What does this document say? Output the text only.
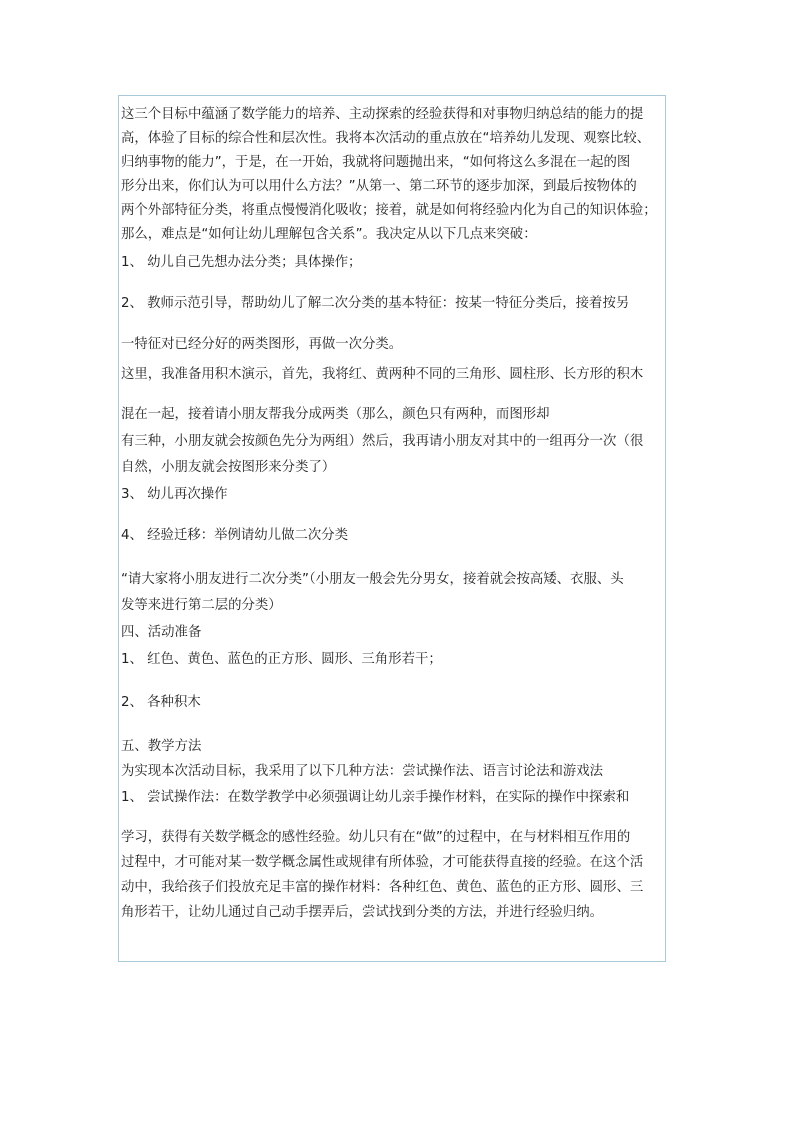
这三个目标中蕴涵了数学能力的培养、主动探索的经验获得和对事物归纳总结的能力的提
高，体验了目标的综合性和层次性。我将本次活动的重点放在“培养幼儿发现、观察比较、
归纳事物的能力”，于是，在一开始，我就将问题抛出来，“如何将这么多混在一起的图
形分出来，你们认为可以用什么方法？”从第一、第二环节的逐步加深，到最后按物体的
两个外部特征分类，将重点慢慢消化吸收；接着，就是如何将经验内化为自己的知识体验；
那么，难点是“如何让幼儿理解包含关系”。我决定从以下几点来突破：
1、 幼儿自己先想办法分类；具体操作；
2、 教师示范引导，帮助幼儿了解二次分类的基本特征：按某一特征分类后，接着按另
一特征对已经分好的两类图形，再做一次分类。
这里，我准备用积木演示，首先，我将红、黄两种不同的三角形、圆柱形、长方形的积木
混在一起，接着请小朋友帮我分成两类（那么，颜色只有两种，而图形却
有三种，小朋友就会按颜色先分为两组）然后，我再请小朋友对其中的一组再分一次（很
自然，小朋友就会按图形来分类了）
3、 幼儿再次操作
4、 经验迁移：举例请幼儿做二次分类
“请大家将小朋友进行二次分类”（小朋友一般会先分男女，接着就会按高矮、衣服、头
发等来进行第二层的分类）
四、活动准备
1、 红色、黄色、蓝色的正方形、圆形、三角形若干；
2、 各种积木
五、教学方法
为实现本次活动目标，我采用了以下几种方法：尝试操作法、语言讨论法和游戏法
1、 尝试操作法：在数学教学中必须强调让幼儿亲手操作材料，在实际的操作中探索和
学习，获得有关数学概念的感性经验。幼儿只有在“做”的过程中，在与材料相互作用的
过程中，才可能对某一数学概念属性或规律有所体验，才可能获得直接的经验。在这个活
动中，我给孩子们投放充足丰富的操作材料：各种红色、黄色、蓝色的正方形、圆形、三
角形若干，让幼儿通过自己动手摆弄后，尝试找到分类的方法，并进行经验归纳。
